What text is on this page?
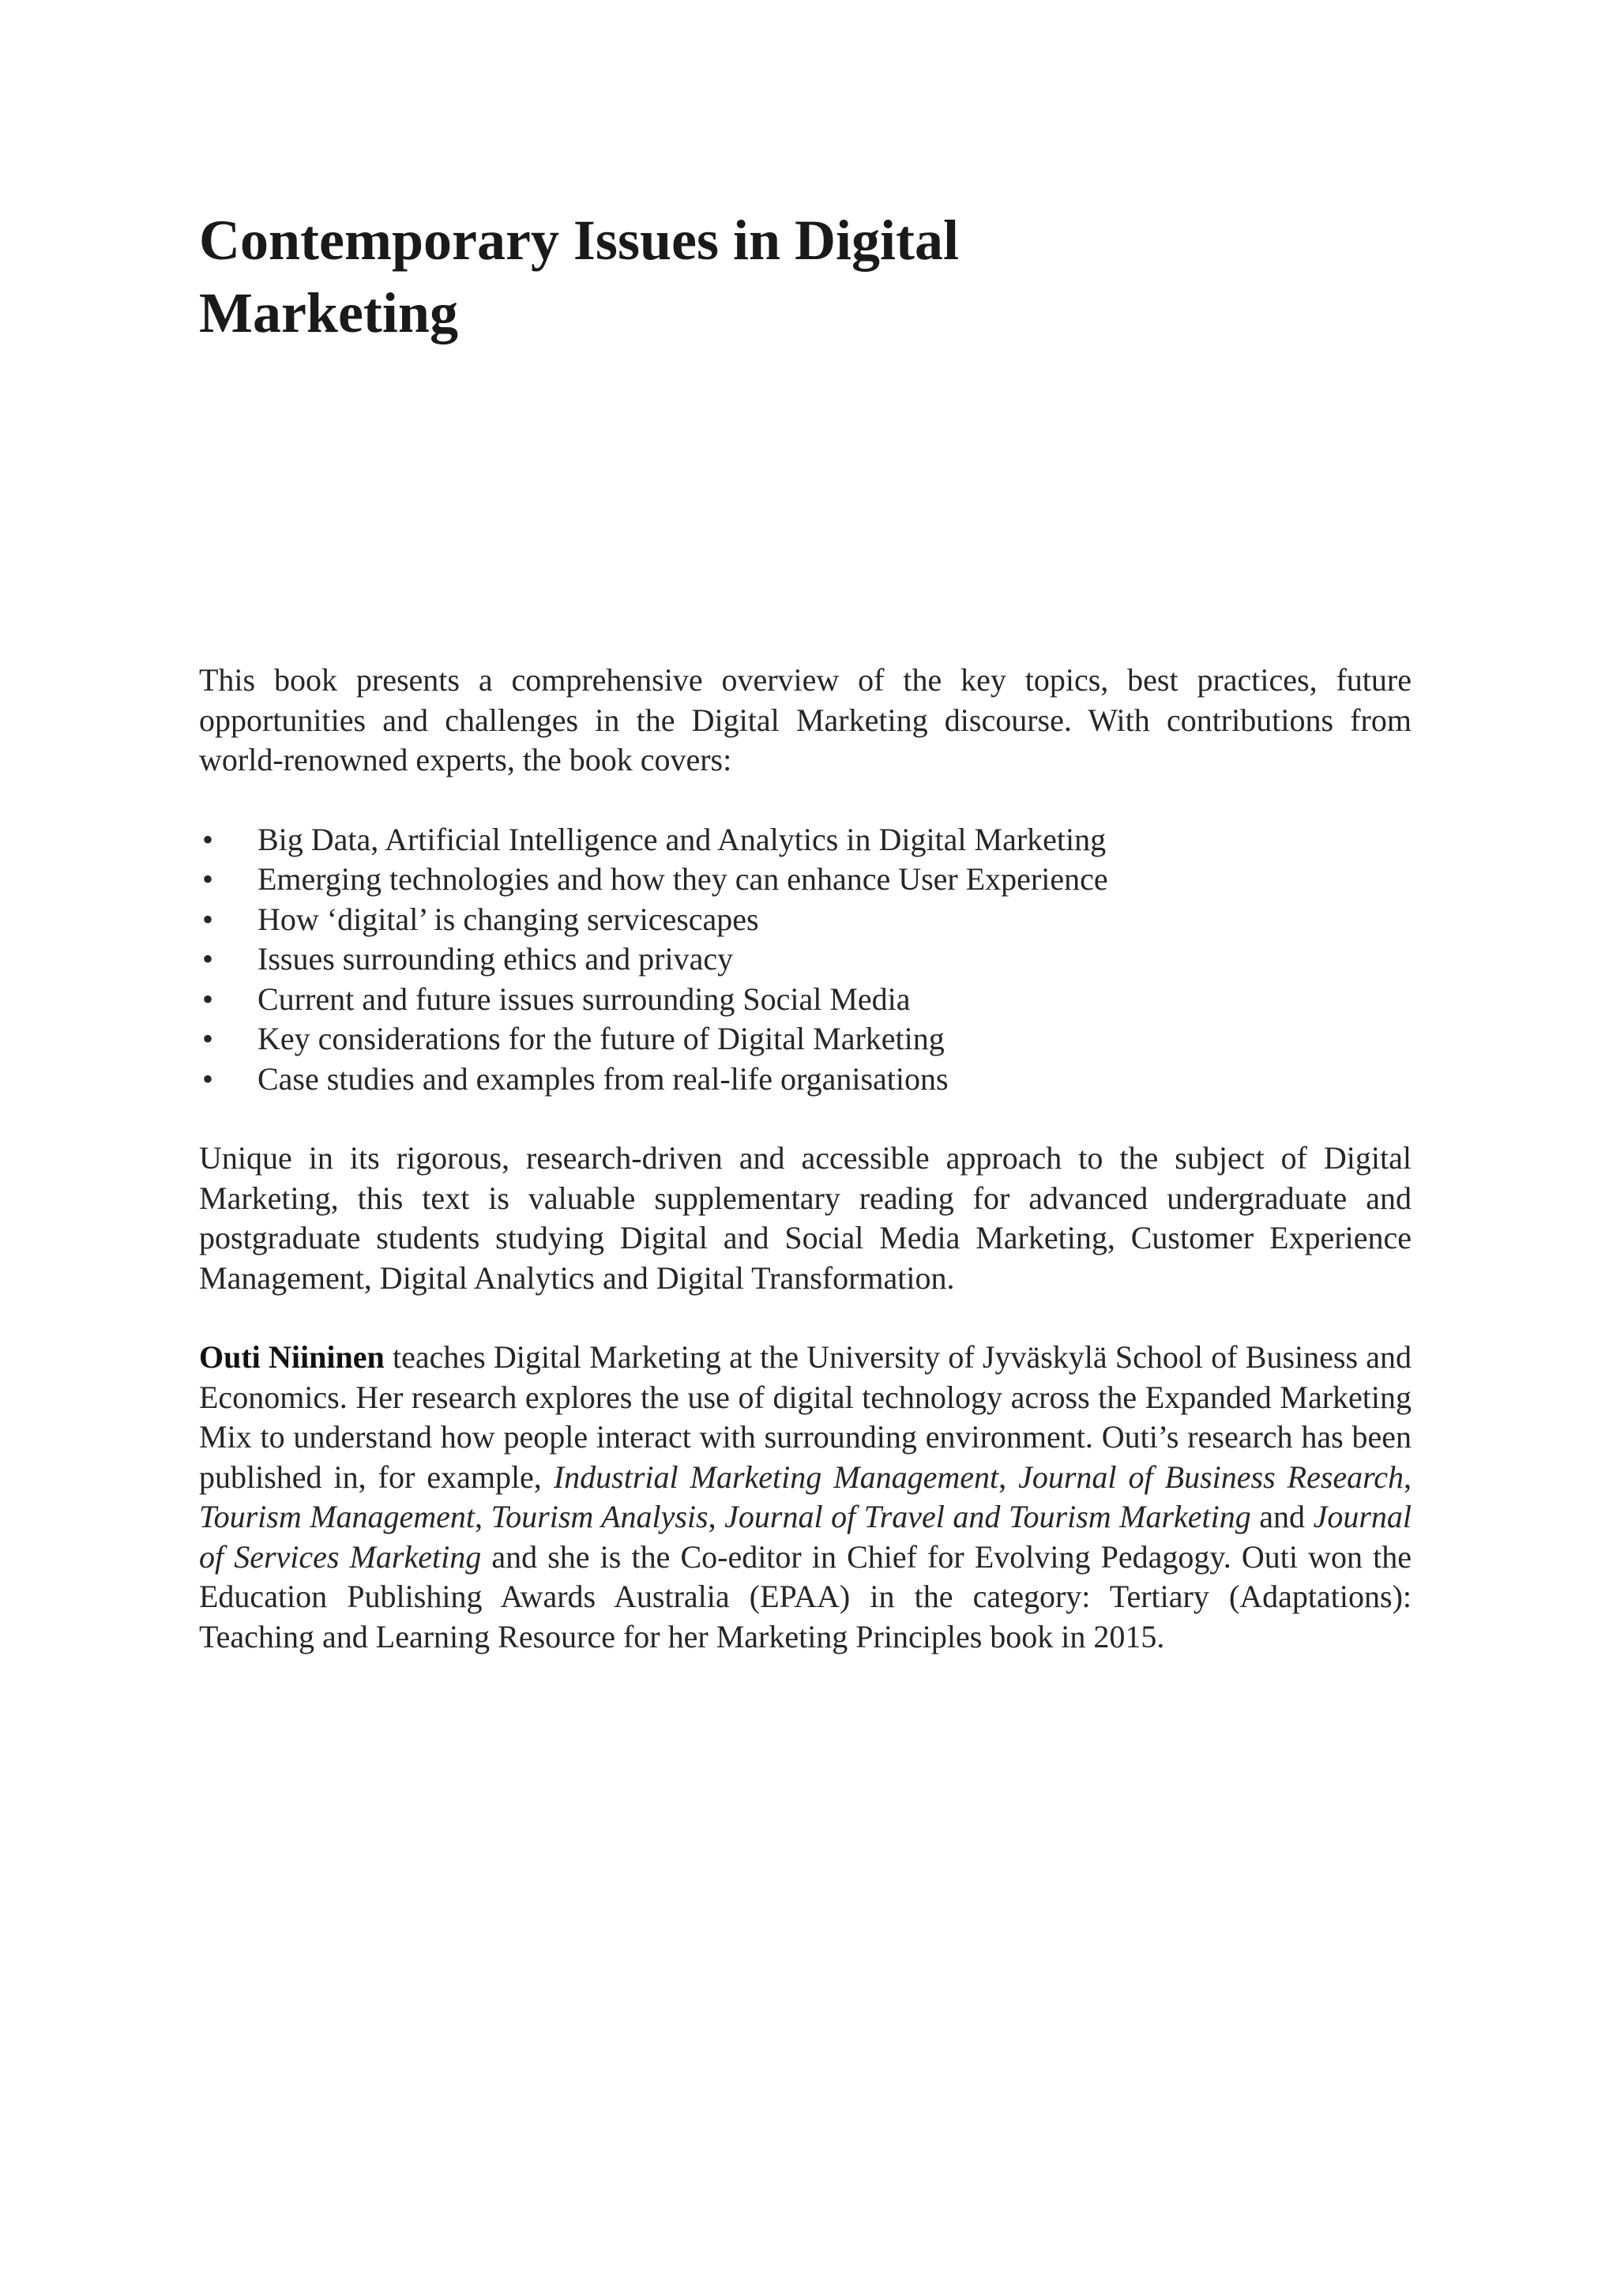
Contemporary Issues in Digital
Marketing

This book presents a comprehensive overview of the key topics, best practices, future opportunities and challenges in the Digital Marketing discourse. With contributions from world-renowned experts, the book covers:

• Big Data, Artificial Intelligence and Analytics in Digital Marketing
• Emerging technologies and how they can enhance User Experience
• How ‘digital’ is changing servicescapes
• Issues surrounding ethics and privacy
• Current and future issues surrounding Social Media
• Key considerations for the future of Digital Marketing
• Case studies and examples from real-life organisations

Unique in its rigorous, research-driven and accessible approach to the subject of Digital Marketing, this text is valuable supplementary reading for advanced undergraduate and postgraduate students studying Digital and Social Media Marketing, Customer Experience Management, Digital Analytics and Digital Transformation.

Outi Niininen teaches Digital Marketing at the University of Jyväskylä School of Business and Economics. Her research explores the use of digital technology across the Expanded Marketing Mix to understand how people interact with surrounding environment. Outi’s research has been published in, for example, Industrial Marketing Management, Journal of Business Research, Tourism Management, Tourism Analysis, Journal of Travel and Tourism Marketing and Journal of Services Marketing and she is the Co-editor in Chief for Evolving Pedagogy. Outi won the Education Publishing Awards Australia (EPAA) in the category: Tertiary (Adaptations): Teaching and Learning Resource for her Marketing Principles book in 2015.
